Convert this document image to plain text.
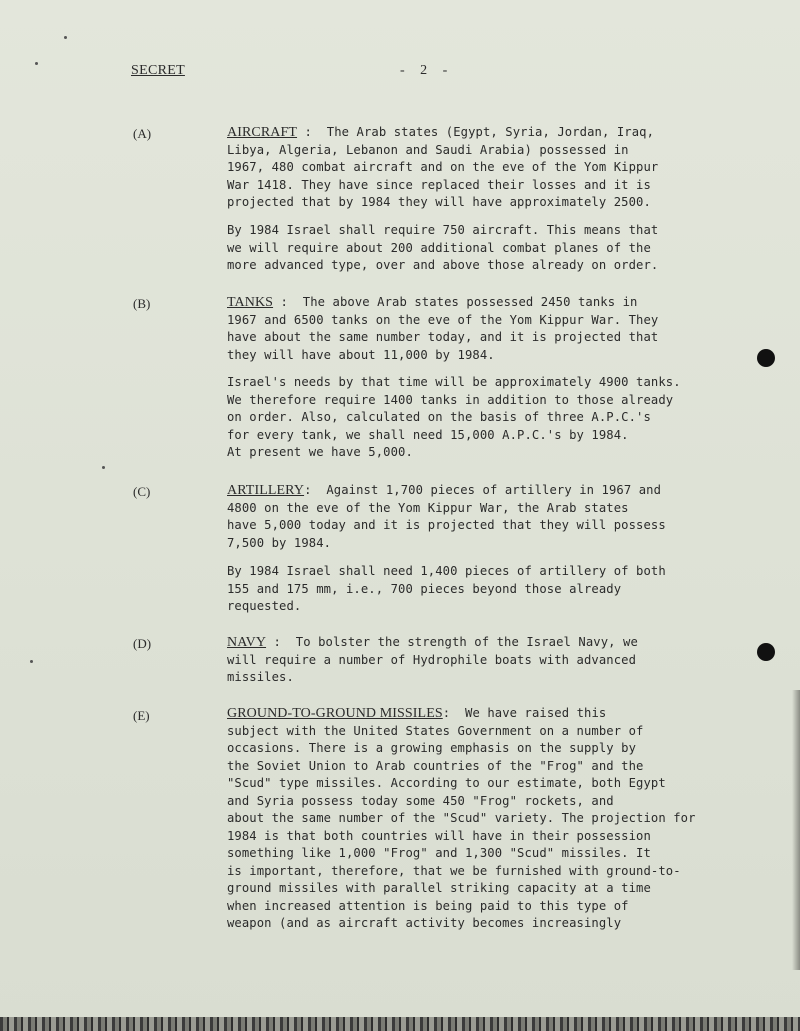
SECRET	- 2 -
(A)	AIRCRAFT :  The Arab states (Egypt, Syria, Jordan, Iraq,
Libya, Algeria, Lebanon and Saudi Arabia) possessed in
1967, 480 combat aircraft and on the eve of the Yom Kippur
War 1418. They have since replaced their losses and it is
projected that by 1984 they will have approximately 2500.
By 1984 Israel shall require 750 aircraft. This means that
we will require about 200 additional combat planes of the
more advanced type, over and above those already on order.
(B)	TANKS :  The above Arab states possessed 2450 tanks in
1967 and 6500 tanks on the eve of the Yom Kippur War. They
have about the same number today, and it is projected that
they will have about 11,000 by 1984.
Israel's needs by that time will be approximately 4900 tanks.
We therefore require 1400 tanks in addition to those already
on order. Also, calculated on the basis of three A.P.C.'s
for every tank, we shall need 15,000 A.P.C.'s by 1984.
At present we have 5,000.
(C)	ARTILLERY:  Against 1,700 pieces of artillery in 1967 and
4800 on the eve of the Yom Kippur War, the Arab states
have 5,000 today and it is projected that they will possess
7,500 by 1984.
By 1984 Israel shall need 1,400 pieces of artillery of both
155 and 175 mm, i.e., 700 pieces beyond those already
requested.
(D)	NAVY :  To bolster the strength of the Israel Navy, we
will require a number of Hydrophile boats with advanced
missiles.
(E)	GROUND-TO-GROUND MISSILES:  We have raised this
subject with the United States Government on a number of
occasions. There is a growing emphasis on the supply by
the Soviet Union to Arab countries of the "Frog" and the
"Scud" type missiles. According to our estimate, both Egypt
and Syria possess today some 450 "Frog" rockets, and
about the same number of the "Scud" variety. The projection for
1984 is that both countries will have in their possession
something like 1,000 "Frog" and 1,300 "Scud" missiles. It
is important, therefore, that we be furnished with ground-to-
ground missiles with parallel striking capacity at a time
when increased attention is being paid to this type of
weapon (and as aircraft activity becomes increasingly
